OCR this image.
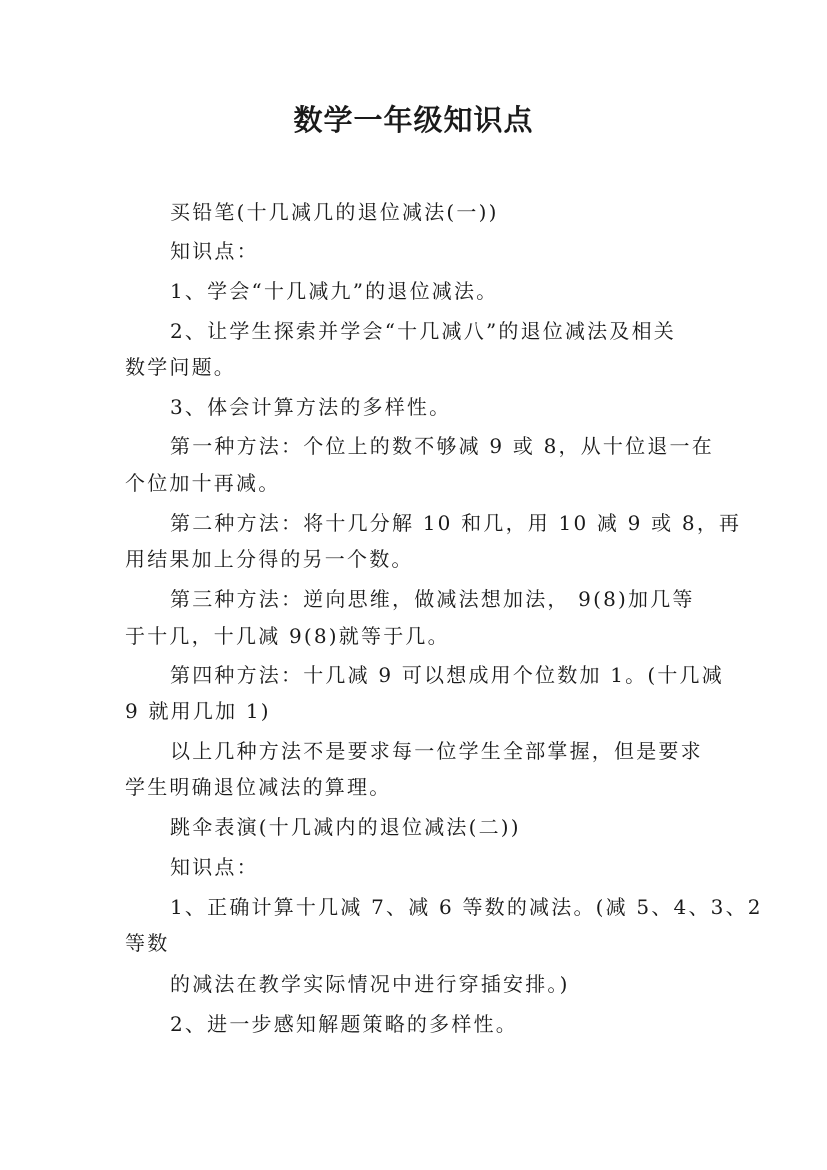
数学一年级知识点
买铅笔(十几减几的退位减法(一))
知识点：
1、学会“十几减九”的退位减法。
2、让学生探索并学会“十几减八”的退位减法及相关
数学问题。
3、体会计算方法的多样性。
第一种方法：个位上的数不够减 9 或 8，从十位退一在
个位加十再减。
第二种方法：将十几分解 10 和几，用 10 减 9 或 8，再
用结果加上分得的另一个数。
第三种方法：逆向思维，做减法想加法， 9(8)加几等
于十几，十几减 9(8)就等于几。
第四种方法：十几减 9 可以想成用个位数加 1。(十几减
9 就用几加 1)
以上几种方法不是要求每一位学生全部掌握，但是要求
学生明确退位减法的算理。
跳伞表演(十几减内的退位减法(二))
知识点：
1、正确计算十几减 7、减 6 等数的减法。(减 5、4、3、2
等数
的减法在教学实际情况中进行穿插安排。)
2、进一步感知解题策略的多样性。
